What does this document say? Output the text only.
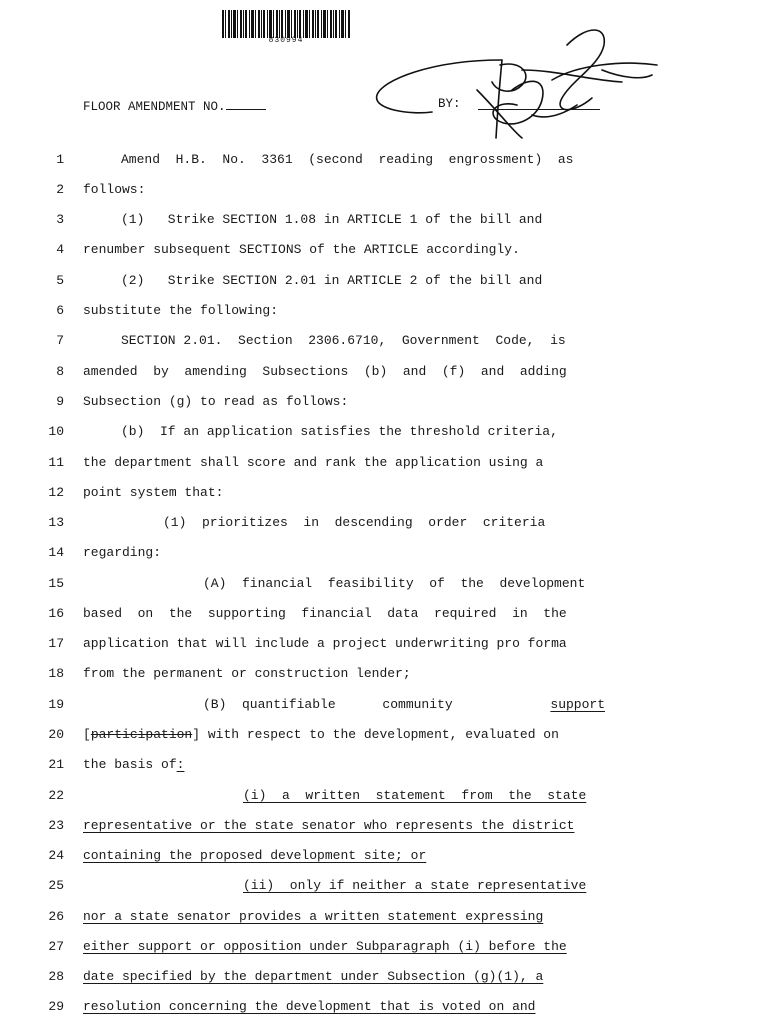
830994
FLOOR AMENDMENT NO.	BY:
1	Amend  H.B.  No.  3361  (second  reading  engrossment)  as
2 follows:
3	(1)   Strike SECTION 1.08 in ARTICLE 1 of the bill and
4 renumber subsequent SECTIONS of the ARTICLE accordingly.
5	(2)   Strike SECTION 2.01 in ARTICLE 2 of the bill and
6 substitute the following:
7	SECTION 2.01.  Section  2306.6710,  Government  Code,  is
8 amended  by  amending  Subsections  (b)  and  (f)  and  adding
9 Subsection (g) to read as follows:
10	(b)  If an application satisfies the threshold criteria,
11 the department shall score and rank the application using a
12 point system that:
13	(1)  prioritizes  in  descending  order  criteria
14 regarding:
15	(A)  financial  feasibility  of  the  development
16 based  on  the  supporting  financial  data  required  in  the
17 application that will include a project underwriting pro forma
18 from the permanent or construction lender;
19	(B)  quantifiable      community	support
20 [participation] with respect to the development, evaluated on
21 the basis of:
22	(i)  a  written  statement  from  the  state
23 representative or the state senator who represents the district
24 containing the proposed development site; or
25	(ii)  only if neither a state representative
26 nor a state senator provides a written statement expressing
27 either support or opposition under Subparagraph (i) before the
28 date specified by the department under Subsection (g)(1), a
29 resolution concerning the development that is voted on and
